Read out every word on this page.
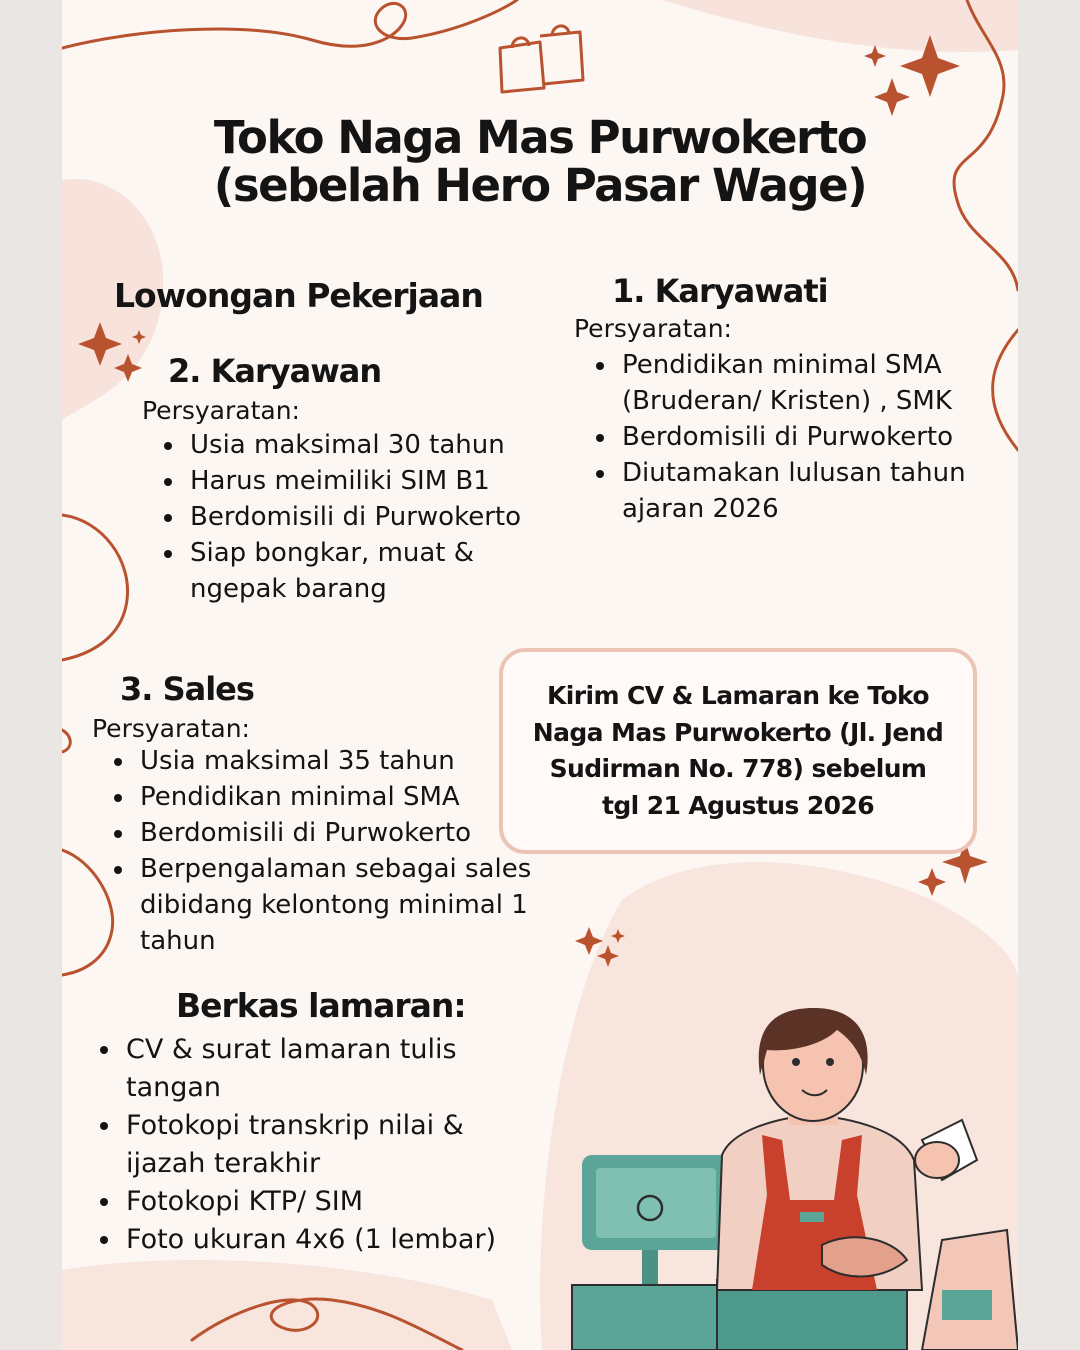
Toko Naga Mas Purwokerto
(sebelah Hero Pasar Wage)
Lowongan Pekerjaan	1. Karyawati

Persyaratan:

Pendidikan minimal SMA (Bruderan/ Kristen) , SMK
Berdomisili di Purwokerto
Diutamakan lulusan tahun ajaran 2026
2. Karyawan

Persyaratan:

Usia maksimal 30 tahun
Harus meimiliki SIM B1
Berdomisili di Purwokerto
Siap bongkar, muat & ngepak barang
3. Sales

Persyaratan:

Usia maksimal 35 tahun
Pendidikan minimal SMA
Berdomisili di Purwokerto
Berpengalaman sebagai sales dibidang kelontong minimal 1 tahun

Kirim CV & Lamaran ke Toko Naga Mas Purwokerto (Jl. Jend Sudirman No. 778) sebelum tgl 21 Agustus 2026

Berkas lamaran:
CV & surat lamaran tulis tangan
Fotokopi transkrip nilai & ijazah terakhir
Fotokopi KTP/ SIM
Foto ukuran 4x6 (1 lembar)
